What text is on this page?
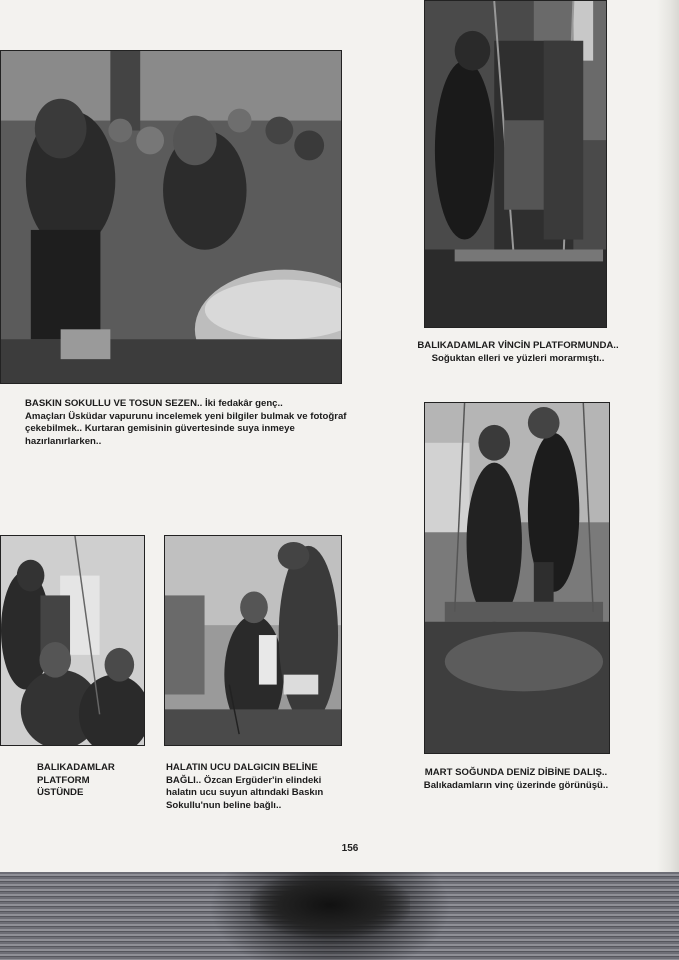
BASKIN SOKULLU VE TOSUN SEZEN.. İki fedakâr genç..
Amaçları Üsküdar vapurunu incelemek yeni bilgiler bulmak ve fotoğraf çekebilmek.. Kurtaran gemisinin güvertesinde suya inmeye hazırlanırlarken..

BALIKADAMLAR VİNCİN PLATFORMUNDA..
Soğuktan elleri ve yüzleri morarmıştı..

BALIKADAMLAR
PLATFORM
ÜSTÜNDE

HALATIN UCU DALGICIN BELİNE BAĞLI.. Özcan Ergüder'in elindeki halatın ucu suyun altındaki Baskın Sokullu'nun beline bağlı..

MART SOĞUNDA DENİZ DİBİNE DALIŞ..
Balıkadamların vinç üzerinde görünüşü..

156
